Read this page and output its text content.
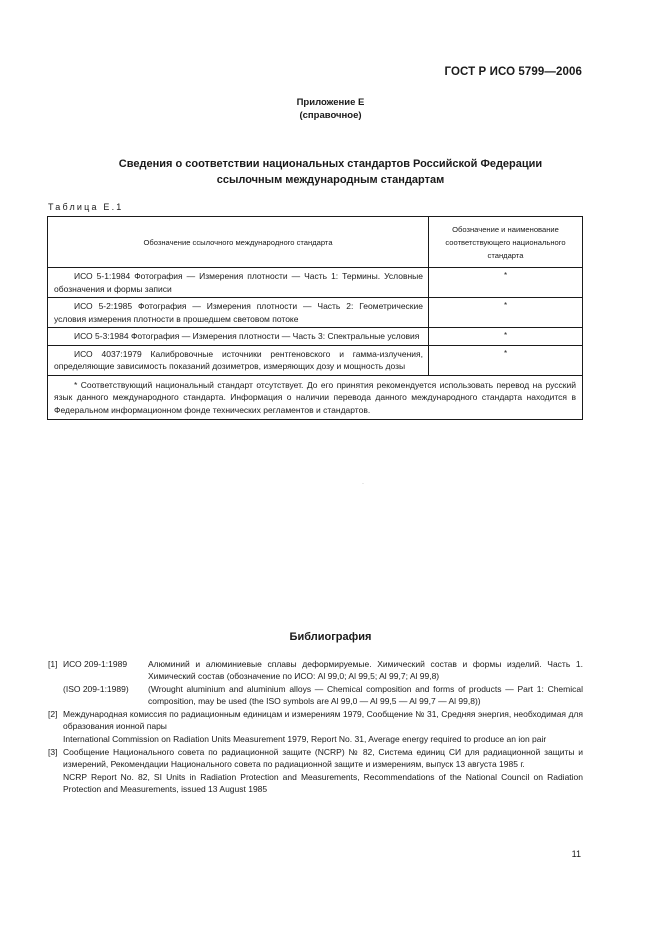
ГОСТ Р ИСО 5799—2006
Приложение Е
(справочное)
Сведения о соответствии национальных стандартов Российской Федерации
ссылочным международным стандартам
Таблица Е.1
Обозначение ссылочного международного стандарта	Обозначение и наименование
соответствующего национального
стандарта

ИСО 5-1:1984 Фотография — Измерения плотности — Часть 1: Термины. Условные обозначения и формы записи	*
ИСО 5-2:1985 Фотография — Измерения плотности — Часть 2: Геометрические условия измерения плотности в прошедшем световом потоке	*
ИСО 5-3:1984 Фотография — Измерения плотности — Часть 3: Спектральные условия	*
ИСО 4037:1979 Калибровочные источники рентгеновского и гамма-излучения, определяющие зависимость показаний дозиметров, измеряющих дозу и мощность дозы	*
* Соответствующий национальный стандарт отсутствует. До его принятия рекомендуется использовать перевод на русский язык данного международного стандарта. Информация о наличии перевода данного международного стандарта находится в Федеральном информационном фонде технических регламентов и стандартов.	
·
Библиография
[1] ИСО 209-1:1989	Алюминий и алюминиевые сплавы деформируемые. Химический состав и формы изделий. Часть 1. Химический состав (обозначение по ИСО: Al 99,0; Al 99,5; Al 99,7; Al 99,8)
(ISO 209-1:1989)	(Wrought aluminium and aluminium alloys — Chemical composition and forms of products — Part 1: Chemical composition, may be used (the ISO symbols are Al 99,0 — Al 99,5 — Al 99,7 — Al 99,8))
[2] Международная комиссия по радиационным единицам и измерениям 1979, Сообщение № 31, Средняя энергия, необходимая для образования ионной пары
International Commission on Radiation Units Measurement 1979, Report No. 31, Average energy required to produce an ion pair
[3] Сообщение Национального совета по радиационной защите (NCRP) № 82, Система единиц СИ для радиационной защиты и измерений, Рекомендации Национального совета по радиационной защите и измерениям, выпуск 13 августа 1985 г.
NCRP Report No. 82, SI Units in Radiation Protection and Measurements, Recommendations of the National Council on Radiation Protection and Measurements, issued 13 August 1985
11
